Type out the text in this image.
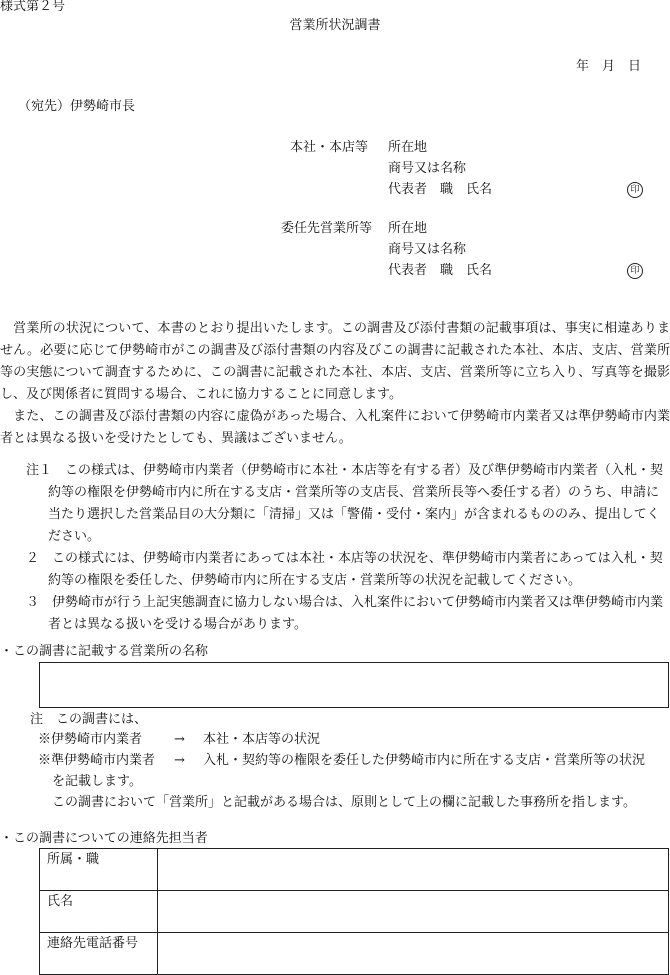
様式第２号
営業所状況調書
年　月　日
（宛先）伊勢崎市長
本社・本店等 所在地
商号又は名称
代表者　職　氏名	印
委任先営業所等 所在地
商号又は名称
代表者　職　氏名	印
　営業所の状況について、本書のとおり提出いたします。この調書及び添付書類の記載事項は、事実に相違ありません。必要に応じて伊勢崎市がこの調書及び添付書類の内容及びこの調書に記載された本社、本店、支店、営業所等の実態について調査するために、この調書に記載された本社、本店、支店、営業所等に立ち入り、写真等を撮影し、及び関係者に質問する場合、これに協力することに同意します。
　また、この調書及び添付書類の内容に虚偽があった場合、入札案件において伊勢崎市内業者又は準伊勢崎市内業者とは異なる扱いを受けたとしても、異議はございません。
注１　この様式は、伊勢崎市内業者（伊勢崎市に本社・本店等を有する者）及び準伊勢崎市内業者（入札・契約等の権限を伊勢崎市内に所在する支店・営業所等の支店長、営業所長等へ委任する者）のうち、申請に当たり選択した営業品目の大分類に「清掃」又は「警備・受付・案内」が含まれるもののみ、提出してください。
２　この様式には、伊勢崎市内業者にあっては本社・本店等の状況を、準伊勢崎市内業者にあっては入札・契約等の権限を委任した、伊勢崎市内に所在する支店・営業所等の状況を記載してください。
３　伊勢崎市が行う上記実態調査に協力しない場合は、入札案件において伊勢崎市内業者又は準伊勢崎市内業者とは異なる扱いを受ける場合があります。
・この調書に記載する営業所の名称
注　この調書には、
※伊勢崎市内業者 → 本社・本店等の状況
※準伊勢崎市内業者 → 入札・契約等の権限を委任した伊勢崎市内に所在する支店・営業所等の状況
を記載します。
この調書において「営業所」と記載がある場合は、原則として上の欄に記載した事務所を指します。
・この調書についての連絡先担当者
所属・職	
氏名	
連絡先電話番号	
